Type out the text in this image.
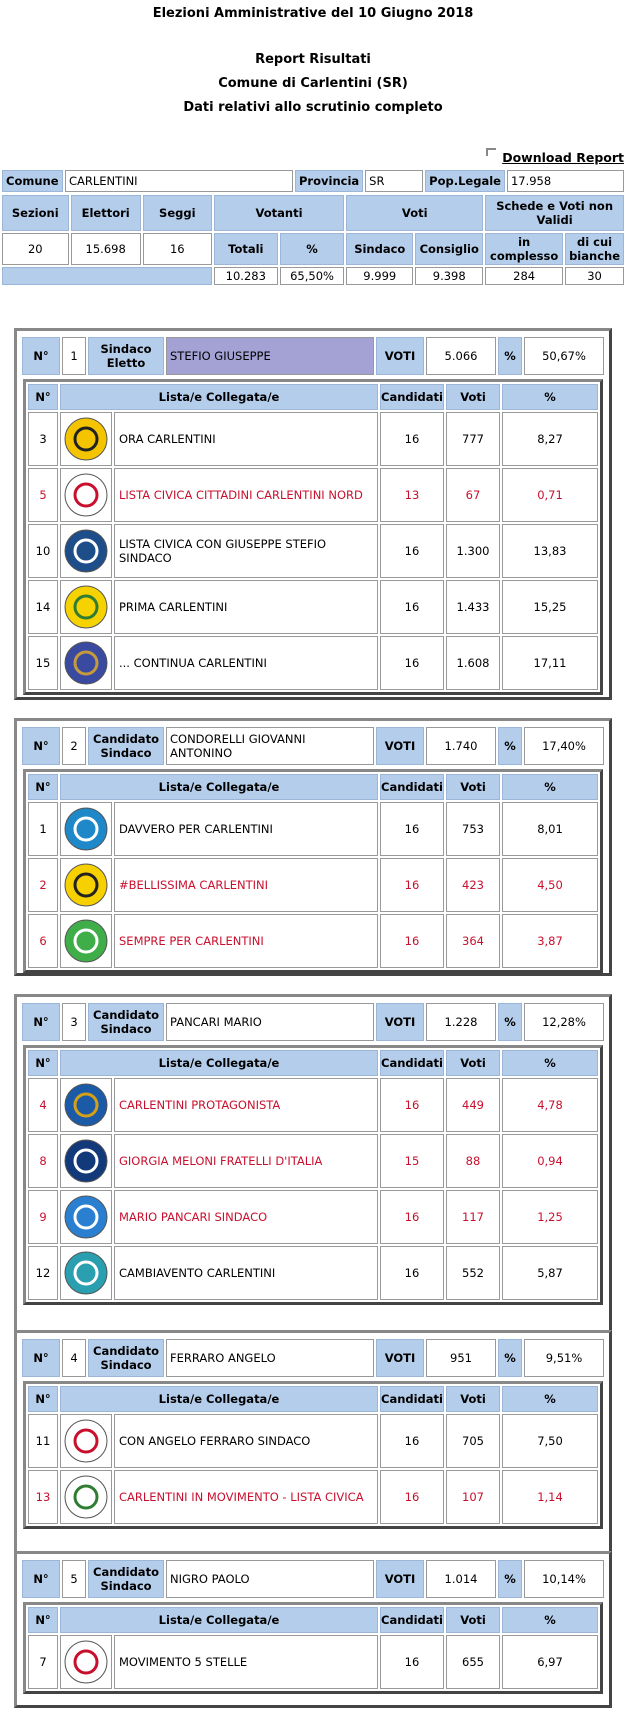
Elezioni Amministrative del 10 Giugno 2018
Report Risultati
Comune di Carlentini (SR)
Dati relativi allo scrutinio completo
Download Report
Comune	CARLENTINI	Provincia	SR	Pop.Legale	17.958
Sezioni	Elettori	Seggi	Votanti		Voti		Schede e Voti non Validi	
20	15.698	16	Totali	%	Sindaco	Consiglio	in complesso	di cui bianche
			10.283	65,50%	9.999	9.398	284	30
N°	1	Sindaco Eletto	STEFIO GIUSEPPE	VOTI	5.066	%	50,67%
N°	Lista/e Collegata/e		Candidati	Voti	%
3		ORA CARLENTINI	16	777	8,27
5		LISTA CIVICA CITTADINI CARLENTINI NORD	13	67	0,71
10		LISTA CIVICA CON GIUSEPPE STEFIO SINDACO	16	1.300	13,83
14		PRIMA CARLENTINI	16	1.433	15,25
15		... CONTINUA CARLENTINI	16	1.608	17,11
N°	2	Candidato Sindaco	CONDORELLI GIOVANNI ANTONINO	VOTI	1.740	%	17,40%
N°	Lista/e Collegata/e		Candidati	Voti	%
1		DAVVERO PER CARLENTINI	16	753	8,01
2		#BELLISSIMA CARLENTINI	16	423	4,50
6		SEMPRE PER CARLENTINI	16	364	3,87
N°	3	Candidato Sindaco	PANCARI MARIO	VOTI	1.228	%	12,28%
N°	Lista/e Collegata/e		Candidati	Voti	%
4		CARLENTINI PROTAGONISTA	16	449	4,78
8		GIORGIA MELONI FRATELLI D'ITALIA	15	88	0,94
9		MARIO PANCARI SINDACO	16	117	1,25
12		CAMBIAVENTO CARLENTINI	16	552	5,87
N°	4	Candidato Sindaco	FERRARO ANGELO	VOTI	951	%	9,51%
N°	Lista/e Collegata/e		Candidati	Voti	%
11		CON ANGELO FERRARO SINDACO	16	705	7,50
13		CARLENTINI IN MOVIMENTO - LISTA CIVICA	16	107	1,14
N°	5	Candidato Sindaco	NIGRO PAOLO	VOTI	1.014	%	10,14%
N°	Lista/e Collegata/e		Candidati	Voti	%
7		MOVIMENTO 5 STELLE	16	655	6,97
